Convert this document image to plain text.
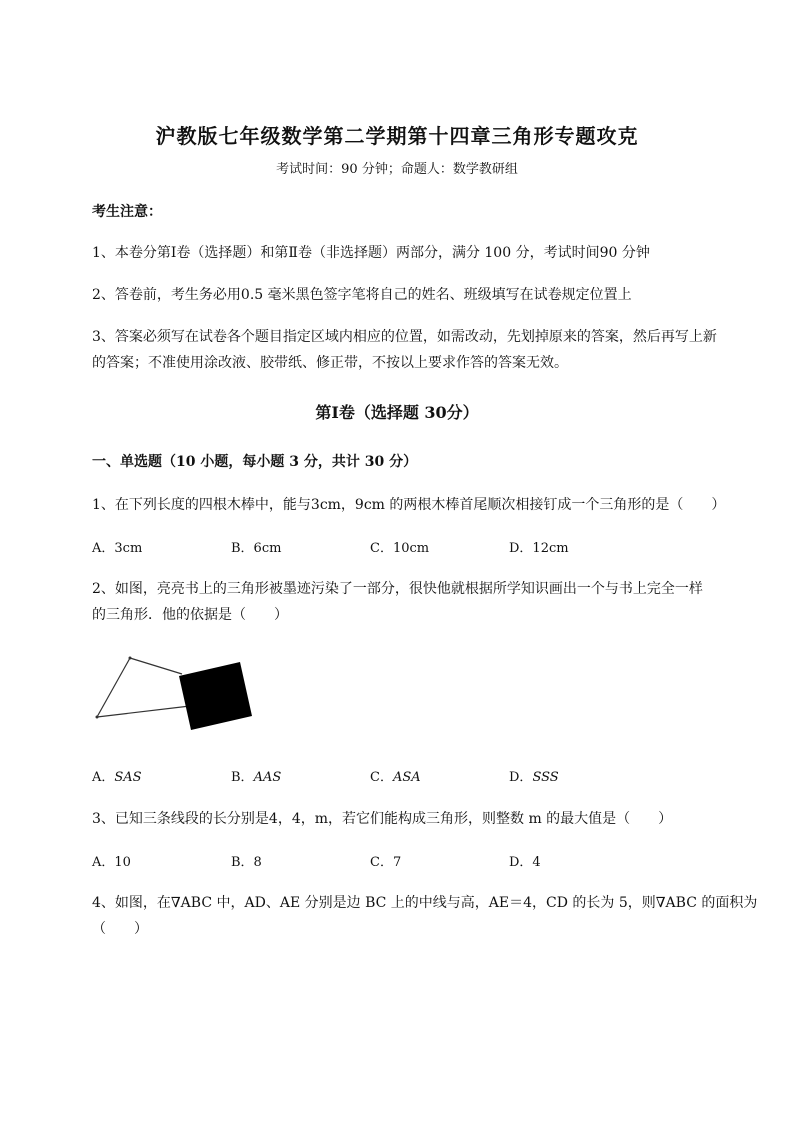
沪教版七年级数学第二学期第十四章三角形专题攻克
考试时间：90 分钟；命题人：数学教研组
考生注意：
1、本卷分第Ⅰ卷（选择题）和第Ⅱ卷（非选择题）两部分，满分 100 分，考试时间90 分钟
2、答卷前，考生务必用0.5 毫米黑色签字笔将自己的姓名、班级填写在试卷规定位置上
3、答案必须写在试卷各个题目指定区域内相应的位置，如需改动，先划掉原来的答案，然后再写上新
的答案；不准使用涂改液、胶带纸、修正带，不按以上要求作答的答案无效。
第Ⅰ卷（选择题 30分）
一、单选题（10 小题，每小题 3 分，共计 30 分）
1、在下列长度的四根木棒中，能与3cm，9cm 的两根木棒首尾顺次相接钉成一个三角形的是（　　）
A．3cm	B．6cm	C．10cm	D．12cm
2、如图，亮亮书上的三角形被墨迹污染了一部分，很快他就根据所学知识画出一个与书上完全一样
的三角形．他的依据是（　　）
A．SAS	B．AAS	C．ASA	D．SSS
3、已知三条线段的长分别是4，4，m，若它们能构成三角形，则整数 m 的最大值是（　　）
A．10	B．8	C．7	D．4
4、如图，在∇ABC 中，AD、AE 分别是边 BC 上的中线与高，AE＝4，CD 的长为 5，则∇ABC 的面积为
（　　）
